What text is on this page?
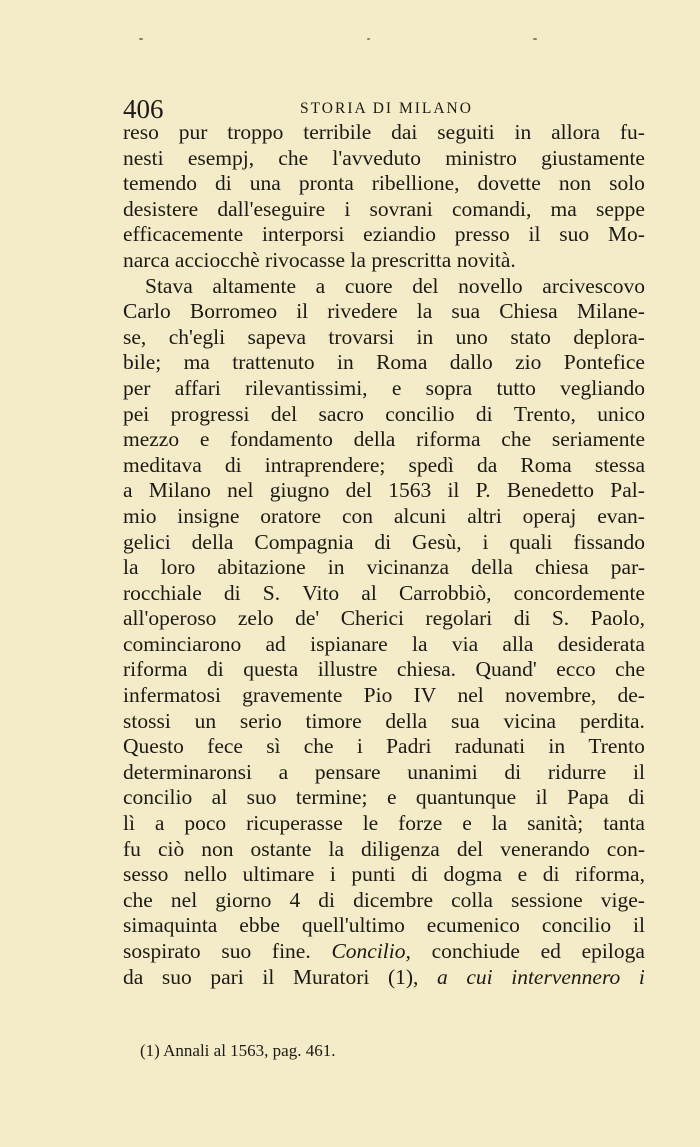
406	STORIA DI MILANO
reso pur troppo terribile dai seguiti in allora fu-
nesti esempj, che l'avveduto ministro giustamente
temendo di una pronta ribellione, dovette non solo
desistere dall'eseguire i sovrani comandi, ma seppe
efficacemente interporsi eziandio presso il suo Mo-
narca acciocchè rivocasse la prescritta novità.
Stava altamente a cuore del novello arcivescovo
Carlo Borromeo il rivedere la sua Chiesa Milane-
se, ch'egli sapeva trovarsi in uno stato deplora-
bile; ma trattenuto in Roma dallo zio Pontefice
per affari rilevantissimi, e sopra tutto vegliando
pei progressi del sacro concilio di Trento, unico
mezzo e fondamento della riforma che seriamente
meditava di intraprendere; spedì da Roma stessa
a Milano nel giugno del 1563 il P. Benedetto Pal-
mio insigne oratore con alcuni altri operaj evan-
gelici della Compagnia di Gesù, i quali fissando
la loro abitazione in vicinanza della chiesa par-
rocchiale di S. Vito al Carrobbiò, concordemente
all'operoso zelo de' Cherici regolari di S. Paolo,
cominciarono ad ispianare la via alla desiderata
riforma di questa illustre chiesa. Quand' ecco che
infermatosi gravemente Pio IV nel novembre, de-
stossi un serio timore della sua vicina perdita.
Questo fece sì che i Padri radunati in Trento
determinaronsi a pensare unanimi di ridurre il
concilio al suo termine; e quantunque il Papa di
lì a poco ricuperasse le forze e la sanità; tanta
fu ciò non ostante la diligenza del venerando con-
sesso nello ultimare i punti di dogma e di riforma,
che nel giorno 4 di dicembre colla sessione vige-
simaquinta ebbe quell'ultimo ecumenico concilio il
sospirato suo fine. Concilio, conchiude ed epiloga
da suo pari il Muratori (1), a cui intervennero i
(1) Annali al 1563, pag. 461.
